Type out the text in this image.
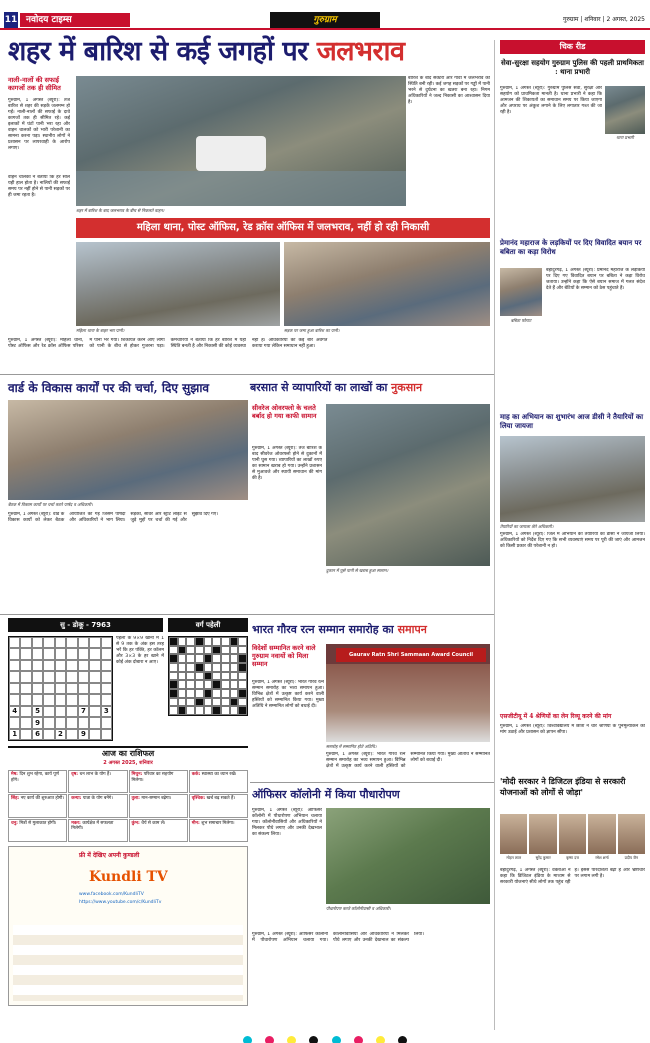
11 नवोदय टाइम्स	गुरुग्राम	गुरुग्राम | शनिवार | 2 अगस्त, 2025
शहर में बारिश से कई जगहों पर जलभराव
नाली-नालों की सफाई कागजों तक ही सीमित
गुरुग्राम, 1 अगस्त (ब्यूरो): तेज बारिश से शहर की सड़कें जलमग्न हो गईं। नाली-नालों की सफाई के दावे कागजों तक ही सीमित रहे। कई इलाकों में घंटों पानी भरा रहा और वाहन चालकों को भारी परेशानी का सामना करना पड़ा। स्थानीय लोगों ने प्रशासन पर लापरवाही के आरोप लगाए।
शहर में बारिश के बाद जलभराव के बीच से निकलते वाहन।
बारिश के बाद सेक्टरों और गांवों में जलभराव की स्थिति बनी रही। कई जगह सड़कों पर गड्ढों में पानी भरने से दुर्घटना का खतरा बना रहा। निगम अधिकारियों ने जल्द निकासी का आश्वासन दिया है।
महिला थाना, पोस्ट ऑफिस, रेड क्रॉस ऑफिस में जलभराव, नहीं हो रही निकासी
महिला थाना के बाहर भरा पानी।	सड़क पर जमा हुआ बारिश का पानी।
गुरुग्राम, 1 अगस्त (ब्यूरो): महिला थाना, पोस्ट ऑफिस और रेड क्रॉस ऑफिस परिसर में पानी भर गया। शिकायत करने आए लोगों को पानी के बीच से होकर गुजरना पड़ा। कर्मचारियों ने बताया कि हर बारिश में यही स्थिति बनती है और निकासी की कोई व्यवस्था नहीं है। अधिकारियों को कई बार अवगत कराया गया लेकिन समाधान नहीं हुआ।
वाहन चालकों ने बताया कि हर साल यही हाल होता है। नालियों की सफाई समय पर नहीं होने से पानी सड़कों पर ही जमा रहता है।
चिक रीड
सेवा-सुरक्षा सहयोग गुरुग्राम पुलिस की पहली प्राथमिकता : थाना प्रभारी
थाना प्रभारी
गुरुग्राम, 1 अगस्त (ब्यूरो): गुरुग्राम पुलिस सेवा, सुरक्षा और सहयोग को प्राथमिकता मानती है। थाना प्रभारी ने कहा कि आमजन की शिकायतों का समाधान समय पर किया जाएगा और अपराध पर अंकुश लगाने के लिए लगातार गश्त की जा रही है।
प्रेमानंद महाराज के लड़कियों पर दिए विवादित बयान पर बबिता का कड़ा विरोध
बबिता फोगाट
बहादुरगढ़, 1 अगस्त (ब्यूरो): प्रेमानंद महाराज के लड़कियों पर दिए गए विवादित बयान पर बबिता ने कड़ा विरोध जताया। उन्होंने कहा कि ऐसे बयान समाज में गलत संदेश देते हैं और बेटियों के सम्मान को ठेस पहुंचाते हैं।
माह का अभियान का शुभारंभ आज डीसी ने तैयारियों का लिया जायजा
तैयारियों का जायजा लेते अधिकारी।
गुरुग्राम, 1 अगस्त (ब्यूरो): जिले में अभियान की तैयारियों का डीसी ने जायजा लिया। अधिकारियों को निर्देश दिए गए कि सभी व्यवस्थाएं समय पर पूरी की जाएं और आमजन को किसी प्रकार की परेशानी न हो।
एसजीटीयू में 4 श्रेणियों का लेन रिव्यू करने की मांग
गुरुग्राम, 1 अगस्त (ब्यूरो): विश्वविद्यालय में छात्रों ने चार श्रेणियों के पुनर्मूल्यांकन की मांग उठाई और प्रशासन को ज्ञापन सौंपा।
वार्ड के विकास कार्यों पर की चर्चा, दिए सुझाव
बैठक में विकास कार्यों पर चर्चा करते पार्षद व अधिकारी।
गुरुग्राम, 1 अगस्त (ब्यूरो): वार्ड के विकास कार्यों को लेकर बैठक आयोजित की गई जिसमें पार्षदों और अधिकारियों ने भाग लिया। सड़कों, सीवर और स्ट्रीट लाइट से जुड़े मुद्दों पर चर्चा की गई और सुझाव दिए गए।
बरसात से व्यापारियों का लाखों का नुकसान
सीवरेज ओवरफ्लो के चलते बर्बाद हो गया काफी सामान
गुरुग्राम, 1 अगस्त (ब्यूरो): तेज बारिश के बाद सीवरेज ओवरफ्लो होने से दुकानों में पानी घुस गया। व्यापारियों का लाखों रुपए का सामान खराब हो गया। उन्होंने प्रशासन से मुआवजे और स्थायी समाधान की मांग की है।
दुकान में घुसे पानी से खराब हुआ सामान।
सु - डोकू - 7963
4	5	7	3
9
1	6	2	9
पहेली के 9×9 खानों में 1 से 9 तक के अंक इस तरह भरें कि हर पंक्ति, हर कॉलम और 3×3 के हर खाने में कोई अंक दोबारा न आए।
वर्ग पहेली
आज का राशिफल
2 अगस्त 2025, शनिवार
मेष: दिन शुभ रहेगा, कार्य पूर्ण होंगे।
वृष: धन लाभ के योग हैं।	मिथुन: परिवार का सहयोग मिलेगा।
कर्क: स्वास्थ्य का ध्यान रखें।
सिंह: नए कार्य की शुरुआत होगी।	कन्या: यात्रा के योग बनेंगे।	तुला: मान-सम्मान बढ़ेगा।	वृश्चिक: खर्च बढ़ सकते हैं।
धनु: मित्रों से मुलाकात होगी।	मकर: कार्यक्षेत्र में सफलता मिलेगी।
कुंभ: धैर्य से काम लें।	मीन: शुभ समाचार मिलेगा।
फ्री में देखिए अपनी कुण्डली
Kundli TV
www.facebook.com/KundliTV
https://www.youtube.com/c/KundliTv
भारत गौरव रत्न सम्मान समारोह का समापन
विदेशों सम्मानित करने वाले गुरुग्राम नवायों को मिला सम्मान
गुरुग्राम, 1 अगस्त (ब्यूरो): भारत गौरव रत्न सम्मान समारोह का भव्य समापन हुआ। विभिन्न क्षेत्रों में उत्कृष्ट कार्य करने वाली हस्तियों को सम्मानित किया गया। मुख्य अतिथि ने सम्मानित लोगों को बधाई दी।
Gaurav Ratn Shri Sammaan Award Council
समारोह में सम्मानित होते अतिथि।
गुरुग्राम, 1 अगस्त (ब्यूरो): भारत गौरव रत्न सम्मान समारोह का भव्य समापन हुआ। विभिन्न क्षेत्रों में उत्कृष्ट कार्य करने वाली हस्तियों को सम्मानित किया गया। मुख्य अतिथि ने सम्मानित लोगों को बधाई दी।
ऑफिसर कॉलोनी में किया पौधारोपण
गुरुग्राम, 1 अगस्त (ब्यूरो): ऑफिसर कॉलोनी में पौधारोपण अभियान चलाया गया। कॉलोनीवासियों और अधिकारियों ने मिलकर पौधे लगाए और उनकी देखभाल का संकल्प लिया।
पौधारोपण करते कॉलोनीवासी व अधिकारी।
गुरुग्राम, 1 अगस्त (ब्यूरो): ऑफिसर कॉलोनी में पौधारोपण अभियान चलाया गया। कॉलोनीवासियों और अधिकारियों ने मिलकर पौधे लगाए और उनकी देखभाल का संकल्प लिया।
'मोदी सरकार ने डिजिटल इंडिया से सरकारी योजनाओं को लोगों से जोड़ा'
मोहन लाल	सुरेंद्र कुमार	कृष्ण दत्त	रमेश शर्मा	प्रदीप जैन
बहादुरगढ़, 1 अगस्त (ब्यूरो): वक्ताओं ने कहा कि डिजिटल इंडिया के माध्यम से सरकारी योजनाएं सीधे लोगों तक पहुंच रही हैं। इससे पारदर्शिता बढ़ी है और भ्रष्टाचार पर लगाम लगी है।
